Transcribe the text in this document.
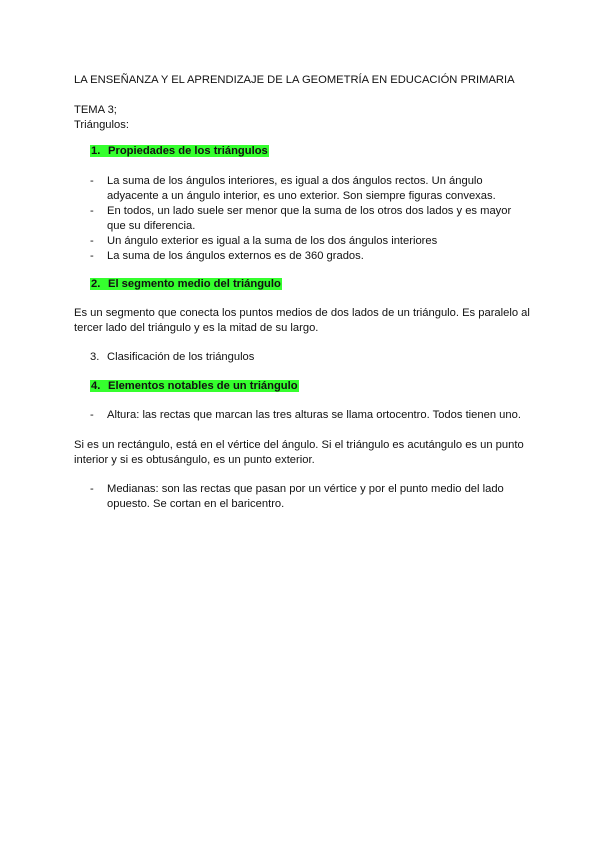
LA ENSEÑANZA Y EL APRENDIZAJE DE LA GEOMETRÍA EN EDUCACIÓN PRIMARIA
TEMA 3;
Triángulos:
1. Propiedades de los triángulos
- La suma de los ángulos interiores, es igual a dos ángulos rectos. Un ángulo
adyacente a un ángulo interior, es uno exterior. Son siempre figuras convexas.
- En todos, un lado suele ser menor que la suma de los otros dos lados y es mayor
que su diferencia.
- Un ángulo exterior es igual a la suma de los dos ángulos interiores
- La suma de los ángulos externos es de 360 grados.
2. El segmento medio del triángulo
Es un segmento que conecta los puntos medios de dos lados de un triángulo. Es paralelo al
tercer lado del triángulo y es la mitad de su largo.
3. Clasificación de los triángulos
4. Elementos notables de un triángulo
- Altura: las rectas que marcan las tres alturas se llama ortocentro. Todos tienen uno.
Si es un rectángulo, está en el vértice del ángulo. Si el triángulo es acutángulo es un punto
interior y si es obtusángulo, es un punto exterior.
- Medianas: son las rectas que pasan por un vértice y por el punto medio del lado
opuesto. Se cortan en el baricentro.
